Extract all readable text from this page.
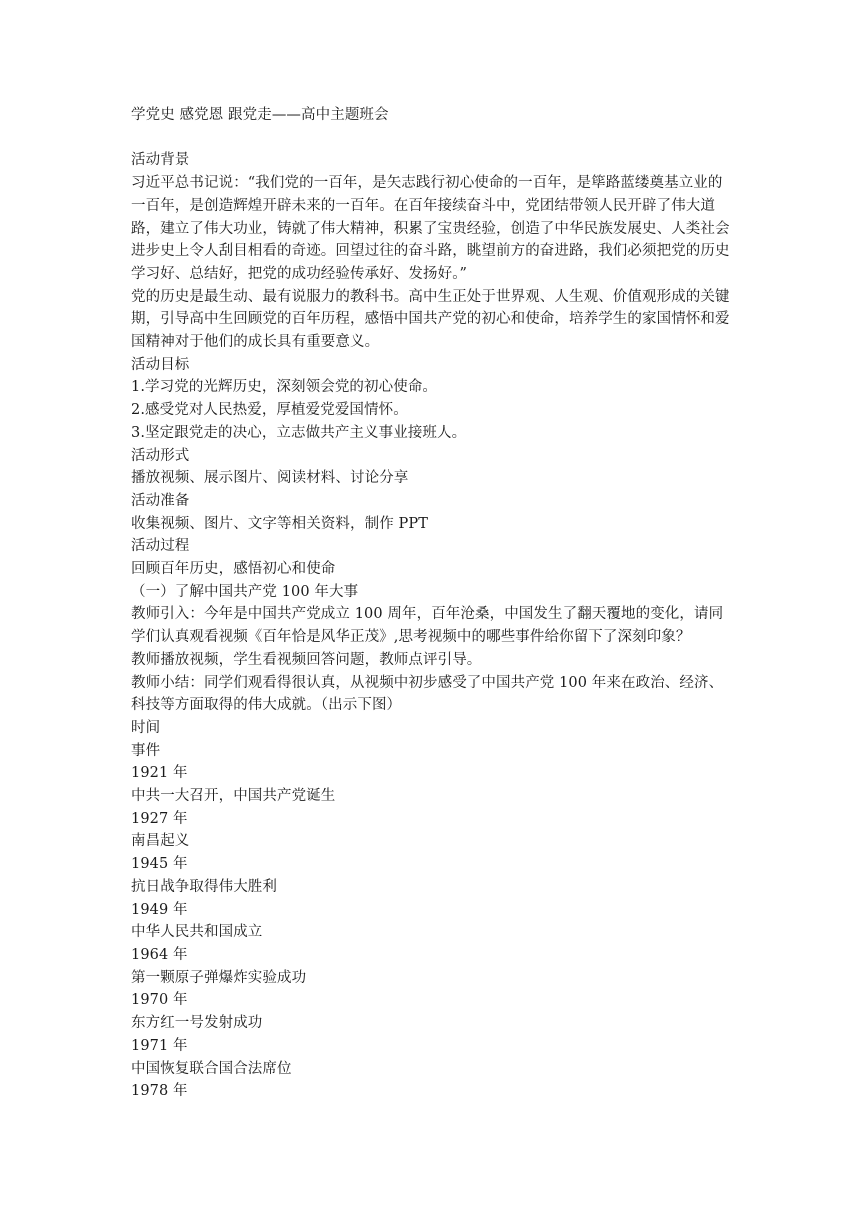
学党史 感党恩 跟党走——高中主题班会
活动背景
习近平总书记说：“我们党的一百年，是矢志践行初心使命的一百年，是筚路蓝缕奠基立业的一百年，是创造辉煌开辟未来的一百年。在百年接续奋斗中，党团结带领人民开辟了伟大道路，建立了伟大功业，铸就了伟大精神，积累了宝贵经验，创造了中华民族发展史、人类社会进步史上令人刮目相看的奇迹。回望过往的奋斗路，眺望前方的奋进路，我们必须把党的历史学习好、总结好，把党的成功经验传承好、发扬好。”
党的历史是最生动、最有说服力的教科书。高中生正处于世界观、人生观、价值观形成的关键期，引导高中生回顾党的百年历程，感悟中国共产党的初心和使命，培养学生的家国情怀和爱国精神对于他们的成长具有重要意义。
活动目标
1.学习党的光辉历史，深刻领会党的初心使命。
2.感受党对人民热爱，厚植爱党爱国情怀。
3.坚定跟党走的决心，立志做共产主义事业接班人。
活动形式
播放视频、展示图片、阅读材料、讨论分享
活动准备
收集视频、图片、文字等相关资料，制作 PPT
活动过程
回顾百年历史，感悟初心和使命
（一）了解中国共产党 100 年大事
教师引入：今年是中国共产党成立 100 周年，百年沧桑，中国发生了翻天覆地的变化，请同学们认真观看视频《百年恰是风华正茂》,思考视频中的哪些事件给你留下了深刻印象？
教师播放视频，学生看视频回答问题，教师点评引导。
教师小结：同学们观看得很认真，从视频中初步感受了中国共产党 100 年来在政治、经济、科技等方面取得的伟大成就。（出示下图）
时间
事件
1921 年
中共一大召开，中国共产党诞生
1927 年
南昌起义
1945 年
抗日战争取得伟大胜利
1949 年
中华人民共和国成立
1964 年
第一颗原子弹爆炸实验成功
1970 年
东方红一号发射成功
1971 年
中国恢复联合国合法席位
1978 年
